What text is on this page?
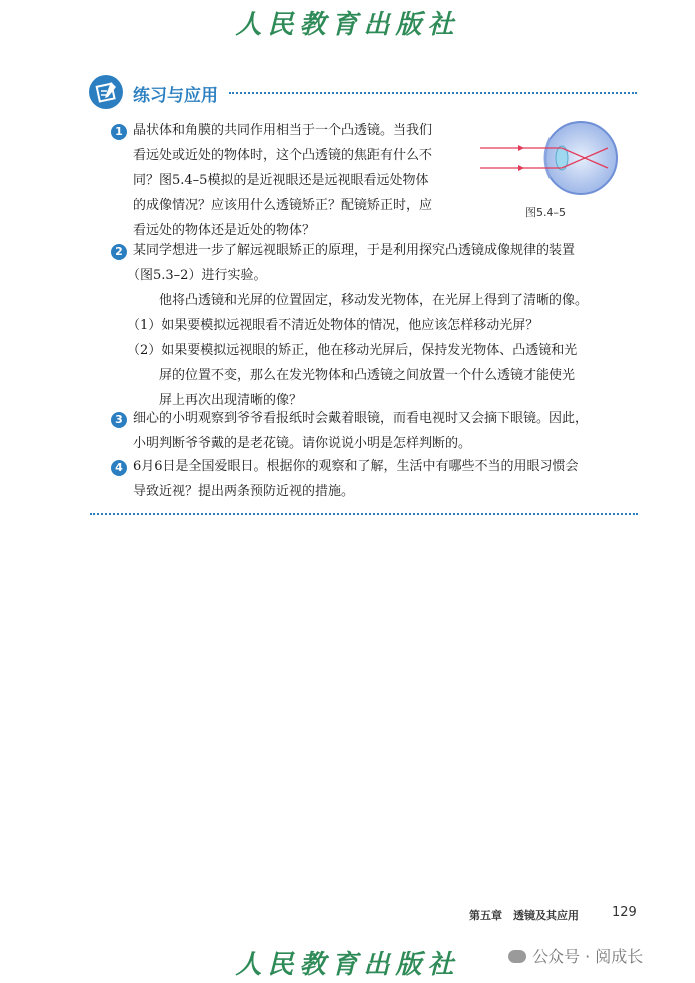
人民教育出版社
练习与应用
1 晶状体和角膜的共同作用相当于一个凸透镜。当我们

看远处或近处的物体时，这个凸透镜的焦距有什么不

同？图5.4–5模拟的是近视眼还是远视眼看远处物体

的成像情况？应该用什么透镜矫正？配镜矫正时，应

看远处的物体还是近处的物体？

图5.4–5
2 某同学想进一步了解远视眼矫正的原理，于是利用探究凸透镜成像规律的装置

（图5.3–2）进行实验。

他将凸透镜和光屏的位置固定，移动发光物体，在光屏上得到了清晰的像。

（1）如果要模拟远视眼看不清近处物体的情况，他应该怎样移动光屏？

（2）如果要模拟远视眼的矫正，他在移动光屏后，保持发光物体、凸透镜和光

屏的位置不变，那么在发光物体和凸透镜之间放置一个什么透镜才能使光

屏上再次出现清晰的像？

3 细心的小明观察到爷爷看报纸时会戴着眼镜，而看电视时又会摘下眼镜。因此，

小明判断爷爷戴的是老花镜。请你说说小明是怎样判断的。

4 6月6日是全国爱眼日。根据你的观察和了解，生活中有哪些不当的用眼习惯会

导致近视？提出两条预防近视的措施。

第五章　透镜及其应用	129
人民教育出版社	公众号 · 阅成长
